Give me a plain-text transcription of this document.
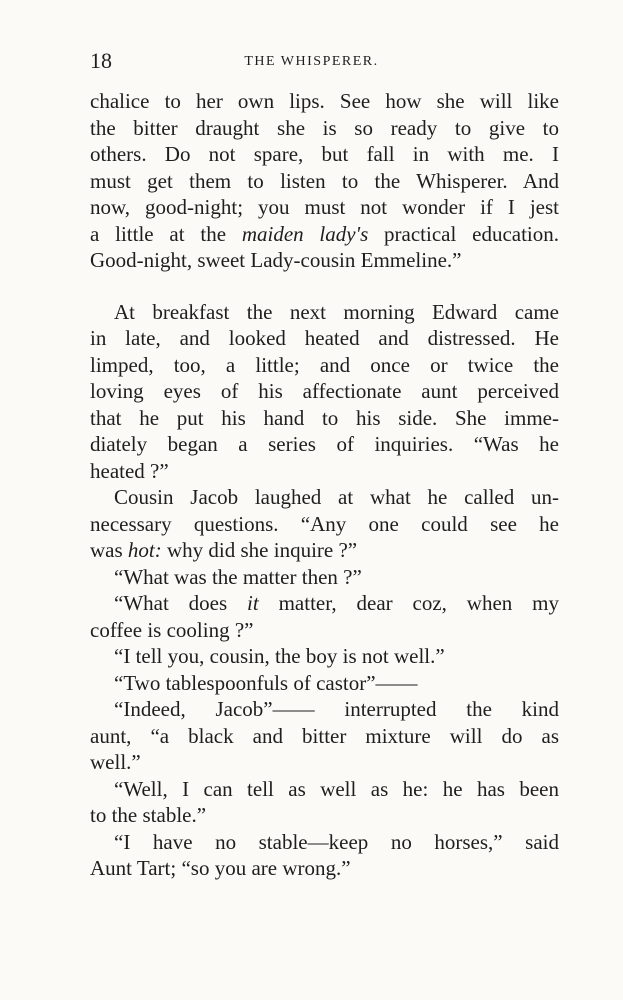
18	THE WHISPERER.
chalice to her own lips. See how she will like
the bitter draught she is so ready to give to
others. Do not spare, but fall in with me. I
must get them to listen to the Whisperer. And
now, good-night; you must not wonder if I jest
a little at the maiden lady's practical education.
Good-night, sweet Lady-cousin Emmeline.”
At breakfast the next morning Edward came
in late, and looked heated and distressed. He
limped, too, a little; and once or twice the
loving eyes of his affectionate aunt perceived
that he put his hand to his side. She imme-
diately began a series of inquiries. “Was he
heated ?”
Cousin Jacob laughed at what he called un-
necessary questions. “Any one could see he
was hot: why did she inquire ?”
“What was the matter then ?”
“What does it matter, dear coz, when my
coffee is cooling ?”
“I tell you, cousin, the boy is not well.”
“Two tablespoonfuls of castor”——
“Indeed, Jacob”—— interrupted the kind
aunt, “a black and bitter mixture will do as
well.”
“Well, I can tell as well as he: he has been
to the stable.”
“I have no stable—keep no horses,” said
Aunt Tart; “so you are wrong.”
